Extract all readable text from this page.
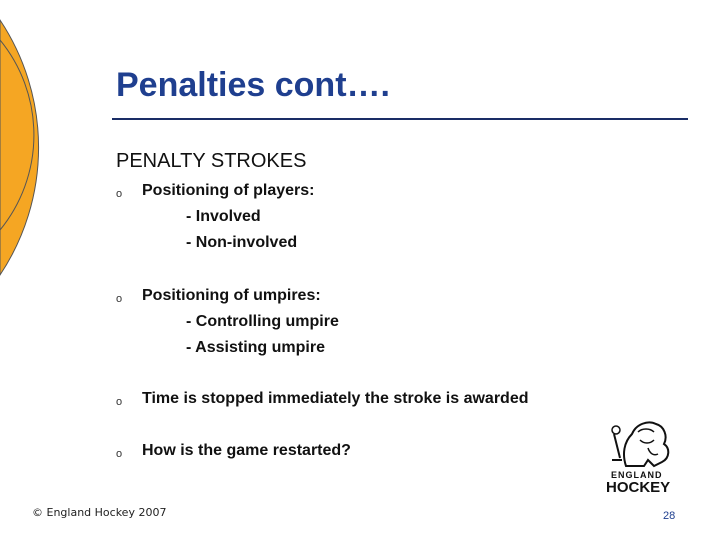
Penalties cont….
PENALTY STROKES
o Positioning of players:
- Involved
- Non-involved
o Positioning of umpires:
- Controlling umpire
- Assisting umpire
o Time is stopped immediately the stroke is awarded
o How is the game restarted?
ENGLAND
HOCKEY
© England Hockey 2007	28
